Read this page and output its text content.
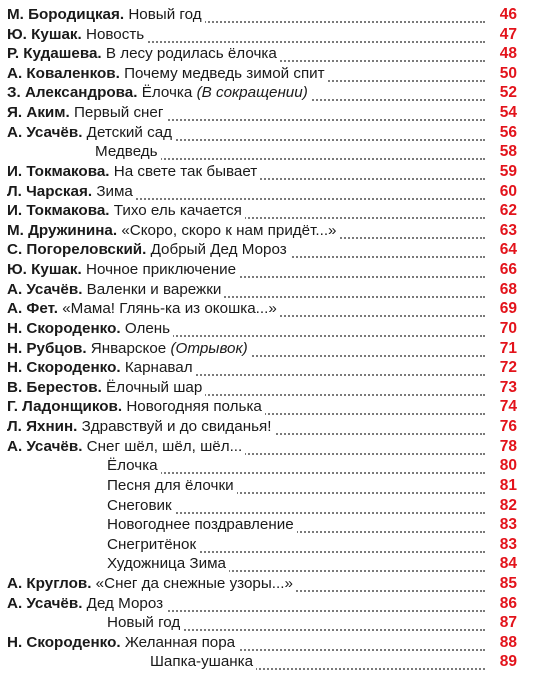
М. Бородицкая. Новый год	46
Ю. Кушак. Новость	47
Р. Кудашева. В лесу родилась ёлочка	48
А. Коваленков. Почему медведь зимой спит	50
З. Александрова. Ёлочка (В сокращении)	52
Я. Аким. Первый снег	54
А. Усачёв. Детский сад	56
Медведь	58
И. Токмакова. На свете так бывает	59
Л. Чарская. Зима	60
И. Токмакова. Тихо ель качается	62
М. Дружинина. «Скоро, скоро к нам придёт...»	63
С. Погореловский. Добрый Дед Мороз	64
Ю. Кушак. Ночное приключение	66
А. Усачёв. Валенки и варежки	68
А. Фет. «Мама! Глянь-ка из окошка...»	69
Н. Скороденко. Олень	70
Н. Рубцов. Январское (Отрывок)	71
Н. Скороденко. Карнавал	72
В. Берестов. Ёлочный шар	73
Г. Ладонщиков. Новогодняя полька	74
Л. Яхнин. Здравствуй и до свиданья!	76
А. Усачёв. Снег шёл, шёл, шёл...	78
Ёлочка	80
Песня для ёлочки	81
Снеговик	82
Новогоднее поздравление	83
Снегритёнок	83
Художница Зима	84
А. Круглов. «Снег да снежные узоры...»	85
А. Усачёв. Дед Мороз	86
Новый год	87
Н. Скороденко. Желанная пора	88
Шапка-ушанка	89
